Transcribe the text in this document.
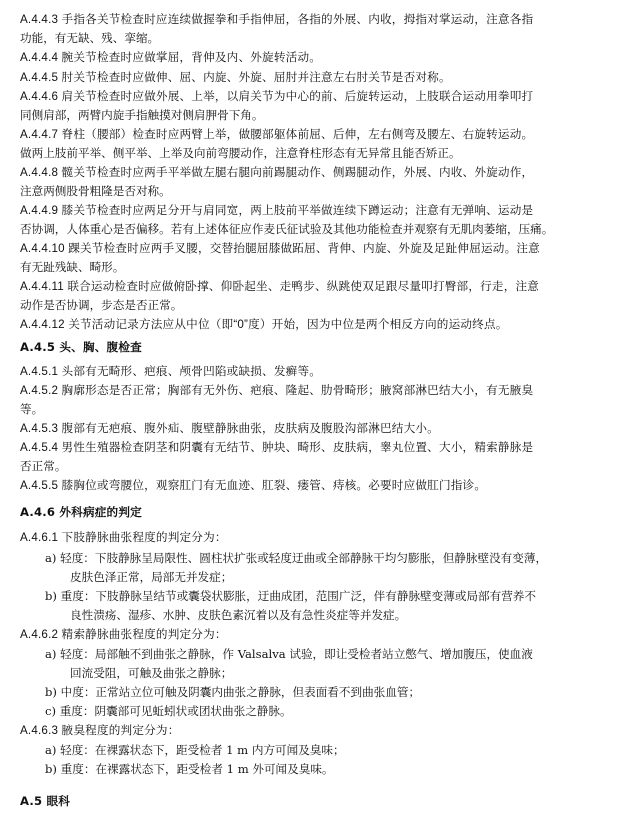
A.4.4.3 手指各关节检查时应连续做握拳和手指伸屈，各指的外展、内收，拇指对掌运动，注意各指
功能，有无缺、残、挛缩。
A.4.4.4 腕关节检查时应做掌屈，背伸及内、外旋转活动。
A.4.4.5 肘关节检查时应做伸、屈、内旋、外旋、屈肘并注意左右肘关节是否对称。
A.4.4.6 肩关节检查时应做外展、上举，以肩关节为中心的前、后旋转运动，上肢联合运动用拳叩打
同侧肩部，两臂内旋手指触摸对侧肩胛骨下角。
A.4.4.7 脊柱（腰部）检查时应两臂上举，做腰部躯体前屈、后伸，左右侧弯及腰左、右旋转运动。
做两上肢前平举、侧平举、上举及向前弯腰动作，注意脊柱形态有无异常且能否矫正。
A.4.4.8 髋关节检查时应两手平举做左腿右腿向前踢腿动作、侧踢腿动作，外展、内收、外旋动作，
注意两侧股骨粗隆是否对称。
A.4.4.9 膝关节检查时应两足分开与肩同宽，两上肢前平举做连续下蹲运动；注意有无弹响、运动是
否协调，人体重心是否偏移。若有上述体征应作麦氏征试验及其他功能检查并观察有无肌肉萎缩，压痛。
A.4.4.10 踝关节检查时应两手叉腰，交替抬腿屈膝做跖屈、背伸、内旋、外旋及足趾伸屈运动。注意
有无趾残缺、畸形。
A.4.4.11 联合运动检查时应做俯卧撑、仰卧起坐、走鸭步、纵跳使双足跟尽量叩打臀部，行走，注意
动作是否协调，步态是否正常。
A.4.4.12 关节活动记录方法应从中位（即“0”度）开始，因为中位是两个相反方向的运动终点。
A.4.5 头、胸、腹检查
A.4.5.1 头部有无畸形、疤痕、颅骨凹陷或缺损、发癣等。
A.4.5.2 胸廓形态是否正常；胸部有无外伤、疤痕、隆起、肋骨畸形；腋窝部淋巴结大小，有无腋臭
等。
A.4.5.3 腹部有无疤痕、腹外疝、腹壁静脉曲张，皮肤病及腹股沟部淋巴结大小。
A.4.5.4 男性生殖器检查阴茎和阴囊有无结节、肿块、畸形、皮肤病，睾丸位置、大小，精索静脉是
否正常。
A.4.5.5 膝胸位或弯腰位，观察肛门有无血迹、肛裂、瘘管、痔核。必要时应做肛门指诊。
A.4.6 外科病症的判定
A.4.6.1 下肢静脉曲张程度的判定分为：
a) 轻度：下肢静脉呈局限性、圆柱状扩张或轻度迂曲或全部静脉干均匀膨胀，但静脉壁没有变薄，
皮肤色泽正常，局部无并发症；
b) 重度：下肢静脉呈结节或囊袋状膨胀，迂曲成团，范围广泛，伴有静脉壁变薄或局部有营养不
良性溃疡、湿疹、水肿、皮肤色素沉着以及有急性炎症等并发症。
A.4.6.2 精索静脉曲张程度的判定分为：
a) 轻度：局部触不到曲张之静脉，作 Valsalva 试验，即让受检者站立憋气、增加腹压，使血液
回流受阻，可触及曲张之静脉；
b) 中度：正常站立位可触及阴囊内曲张之静脉，但表面看不到曲张血管；
c) 重度：阴囊部可见蚯蚓状或团状曲张之静脉。
A.4.6.3 腋臭程度的判定分为：
a) 轻度：在裸露状态下，距受检者 1 m 内方可闻及臭味；
b) 重度：在裸露状态下，距受检者 1 m 外可闻及臭味。
A.5 眼科
